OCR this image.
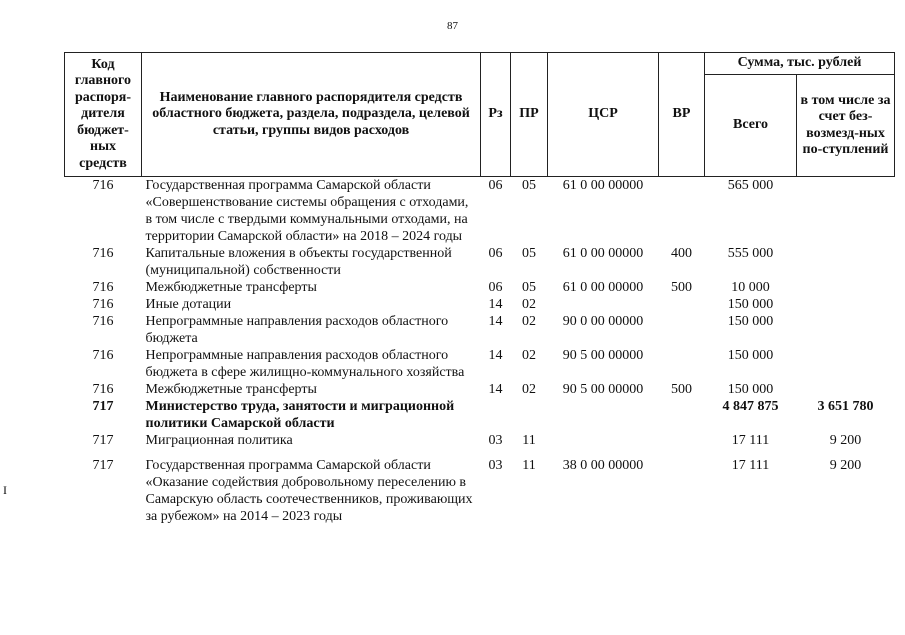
87
I
Код главного распоря-дителя бюджет-ных средств	Наименование главного распорядителя средств областного бюджета, раздела, подраздела, целевой статьи, группы видов расходов	Рз	ПР	ЦСР	ВР	Сумма, тыс. рублей	
						Всего	в том числе за счет без-возмезд-ных по-ступлений
716	Государственная программа Самарской области «Совершенствование системы обращения с отходами, в том числе с твердыми коммунальными отходами, на территории Самарской области» на 2018 – 2024 годы	06	05	61 0 00 00000		565 000	
716	Капитальные вложения в объекты государственной (муниципальной) собственности	06	05	61 0 00 00000	400	555 000	
716	Межбюджетные трансферты	06	05	61 0 00 00000	500	10 000	
716	Иные дотации	14	02			150 000	
716	Непрограммные направления расходов областного бюджета	14	02	90 0 00 00000		150 000	
716	Непрограммные направления расходов областного бюджета в сфере жилищно-коммунального хозяйства	14	02	90 5 00 00000		150 000	
716	Межбюджетные трансферты	14	02	90 5 00 00000	500	150 000	
717	Министерство труда, занятости и миграционной политики Самарской области					4 847 875	3 651 780
717	Миграционная политика	03	11			17 111	9 200
717	Государственная программа Самарской области «Оказание содействия добровольному переселению в Самарскую область соотечественников, проживающих за рубежом» на 2014 – 2023 годы	03	11	38 0 00 00000		17 111	9 200
